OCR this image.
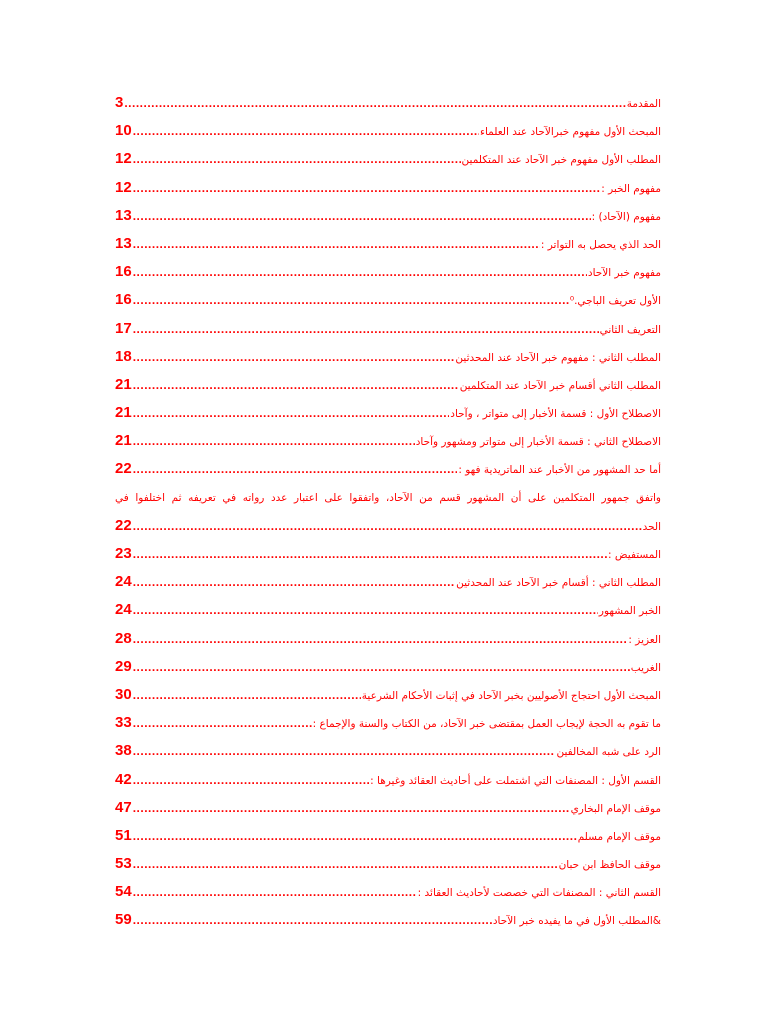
3 .....	المقدمة
10 .....	المبحث الأول مفهوم خبرالآحاد عند العلماء
12 .....	المطلب الأول مفهوم خبر الآحاد عند المتكلمين
12 .....	مفهوم الخبر :
13 .....	مفهوم (الآحاد) :
13 .....	الحد الذي يحصل به التواتر :
16 .....	مفهوم خبر الآحاد
16 .....	الأول تعريف الباجي.⁰
17 .....	التعريف الثاني
18 .....	المطلب الثاني : مفهوم خبر الآحاد عند المحدثين
21 .....	المطلب الثاني أقسام خبر الآحاد عند المتكلمين
21 .....	الاصطلاح الأول : قسمة الأخبار إلى متواتر ، وآحاد
21 .....	الاصطلاح الثاني : قسمة الأخبار إلى متواتر ومشهور وآحاد
22 .....	أما حد المشهور من الأخبار عند الماتريدية فهو :
واتفق جمهور المتكلمين على أن المشهور قسم من الآحاد، واتفقوا على اعتبار عدد رواته في تعريفه ثم اختلفوا في
22 .....	الحد
23 .....	المستفيض :
24 .....	المطلب الثاني : أقسام خبر الآحاد عند المحدثين
24 .....	الخبر المشهور
28 .....	العزيز :
29 .....	الغريب
30 .....	المبحث الأول احتجاج الأصوليين بخبر الآحاد في إثبات الأحكام الشرعية
33 .....	ما تقوم به الحجة لإيجاب العمل بمقتضى خبر الآحاد، من الكتاب والسنة والإجماع :
38 .....	الرد على شبه المخالفين
42 .....	القسم الأول : المصنفات التي اشتملت على أحاديث العقائد وغيرها :
47 .....	موقف الإمام البخاري
51 .....	موقف الإمام مسلم
53 .....	موقف الحافظ ابن حبان
54 .....	القسم الثاني : المصنفات التي خصصت لأحاديث العقائد :
59 .....	&المطلب الأول في ما يفيده خبر الآحاد
